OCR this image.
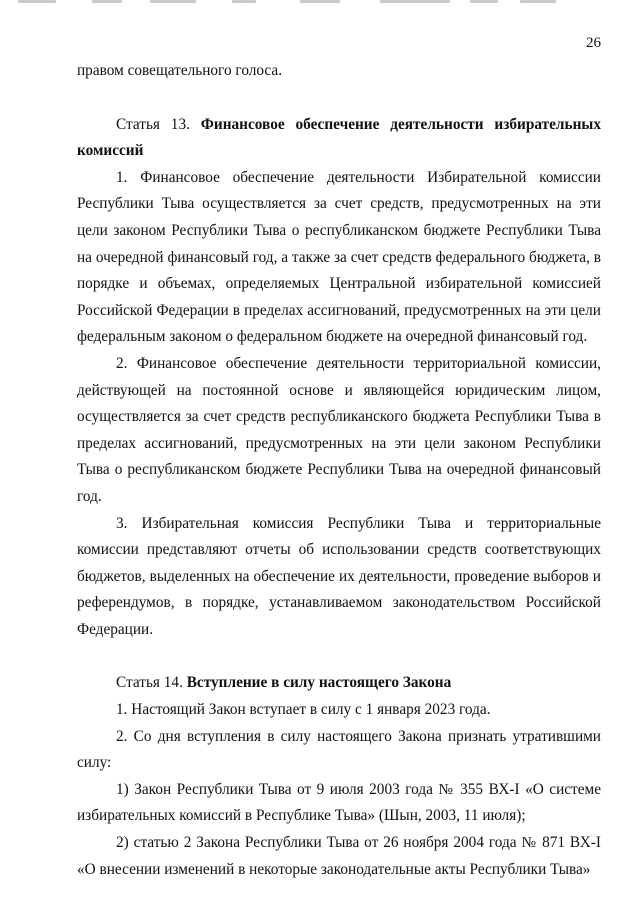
26

правом совещательного голоса.

Статья 13. Финансовое обеспечение деятельности избирательных комиссий

1. Финансовое обеспечение деятельности Избирательной комиссии Республики Тыва осуществляется за счет средств, предусмотренных на эти цели законом Республики Тыва о республиканском бюджете Республики Тыва на очередной финансовый год, а также за счет средств федерального бюджета, в порядке и объемах, определяемых Центральной избирательной комиссией Российской Федерации в пределах ассигнований, предусмотренных на эти цели федеральным законом о федеральном бюджете на очередной финансовый год.

2. Финансовое обеспечение деятельности территориальной комиссии, действующей на постоянной основе и являющейся юридическим лицом, осуществляется за счет средств республиканского бюджета Республики Тыва в пределах ассигнований, предусмотренных на эти цели законом Республики Тыва о республиканском бюджете Республики Тыва на очередной финансовый год.

3. Избирательная комиссия Республики Тыва и территориальные комиссии представляют отчеты об использовании средств соответствующих бюджетов, выделенных на обеспечение их деятельности, проведение выборов и референдумов, в порядке, устанавливаемом законодательством Российской Федерации.

Статья 14. Вступление в силу настоящего Закона

1. Настоящий Закон вступает в силу с 1 января 2023 года.

2. Со дня вступления в силу настоящего Закона признать утратившими силу:

1) Закон Республики Тыва от 9 июля 2003 года № 355 ВХ-I «О системе избирательных комиссий в Республике Тыва» (Шын, 2003, 11 июля);

2) статью 2 Закона Республики Тыва от 26 ноября 2004 года № 871 ВХ-I «О внесении изменений в некоторые законодательные акты Республики Тыва»
